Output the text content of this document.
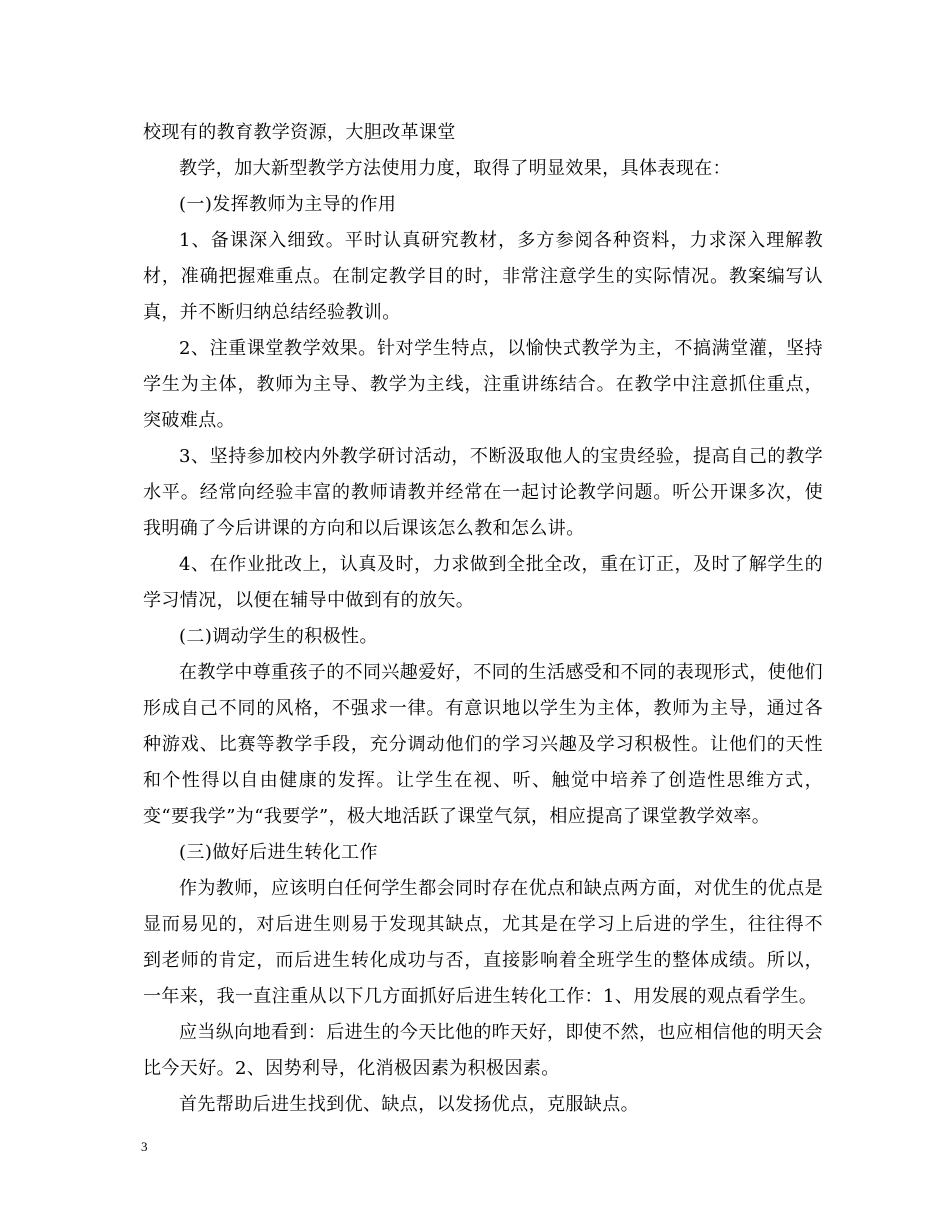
校现有的教育教学资源，大胆改革课堂

教学，加大新型教学方法使用力度，取得了明显效果，具体表现在：

(一)发挥教师为主导的作用

1、备课深入细致。平时认真研究教材，多方参阅各种资料，力求深入理解教材，准确把握难重点。在制定教学目的时，非常注意学生的实际情况。教案编写认真，并不断归纳总结经验教训。

2、注重课堂教学效果。针对学生特点，以愉快式教学为主，不搞满堂灌，坚持学生为主体，教师为主导、教学为主线，注重讲练结合。在教学中注意抓住重点，突破难点。

3、坚持参加校内外教学研讨活动，不断汲取他人的宝贵经验，提高自己的教学水平。经常向经验丰富的教师请教并经常在一起讨论教学问题。听公开课多次，使我明确了今后讲课的方向和以后课该怎么教和怎么讲。

4、在作业批改上，认真及时，力求做到全批全改，重在订正，及时了解学生的学习情况，以便在辅导中做到有的放矢。

(二)调动学生的积极性。

在教学中尊重孩子的不同兴趣爱好，不同的生活感受和不同的表现形式，使他们形成自己不同的风格，不强求一律。有意识地以学生为主体，教师为主导，通过各种游戏、比赛等教学手段，充分调动他们的学习兴趣及学习积极性。让他们的天性和个性得以自由健康的发挥。让学生在视、听、触觉中培养了创造性思维方式，变“要我学”为“我要学”，极大地活跃了课堂气氛，相应提高了课堂教学效率。

(三)做好后进生转化工作

作为教师，应该明白任何学生都会同时存在优点和缺点两方面，对优生的优点是显而易见的，对后进生则易于发现其缺点，尤其是在学习上后进的学生，往往得不到老师的肯定，而后进生转化成功与否，直接影响着全班学生的整体成绩。所以，一年来，我一直注重从以下几方面抓好后进生转化工作：1、用发展的观点看学生。

应当纵向地看到：后进生的今天比他的昨天好，即使不然，也应相信他的明天会比今天好。2、因势利导，化消极因素为积极因素。

首先帮助后进生找到优、缺点，以发扬优点，克服缺点。

3
